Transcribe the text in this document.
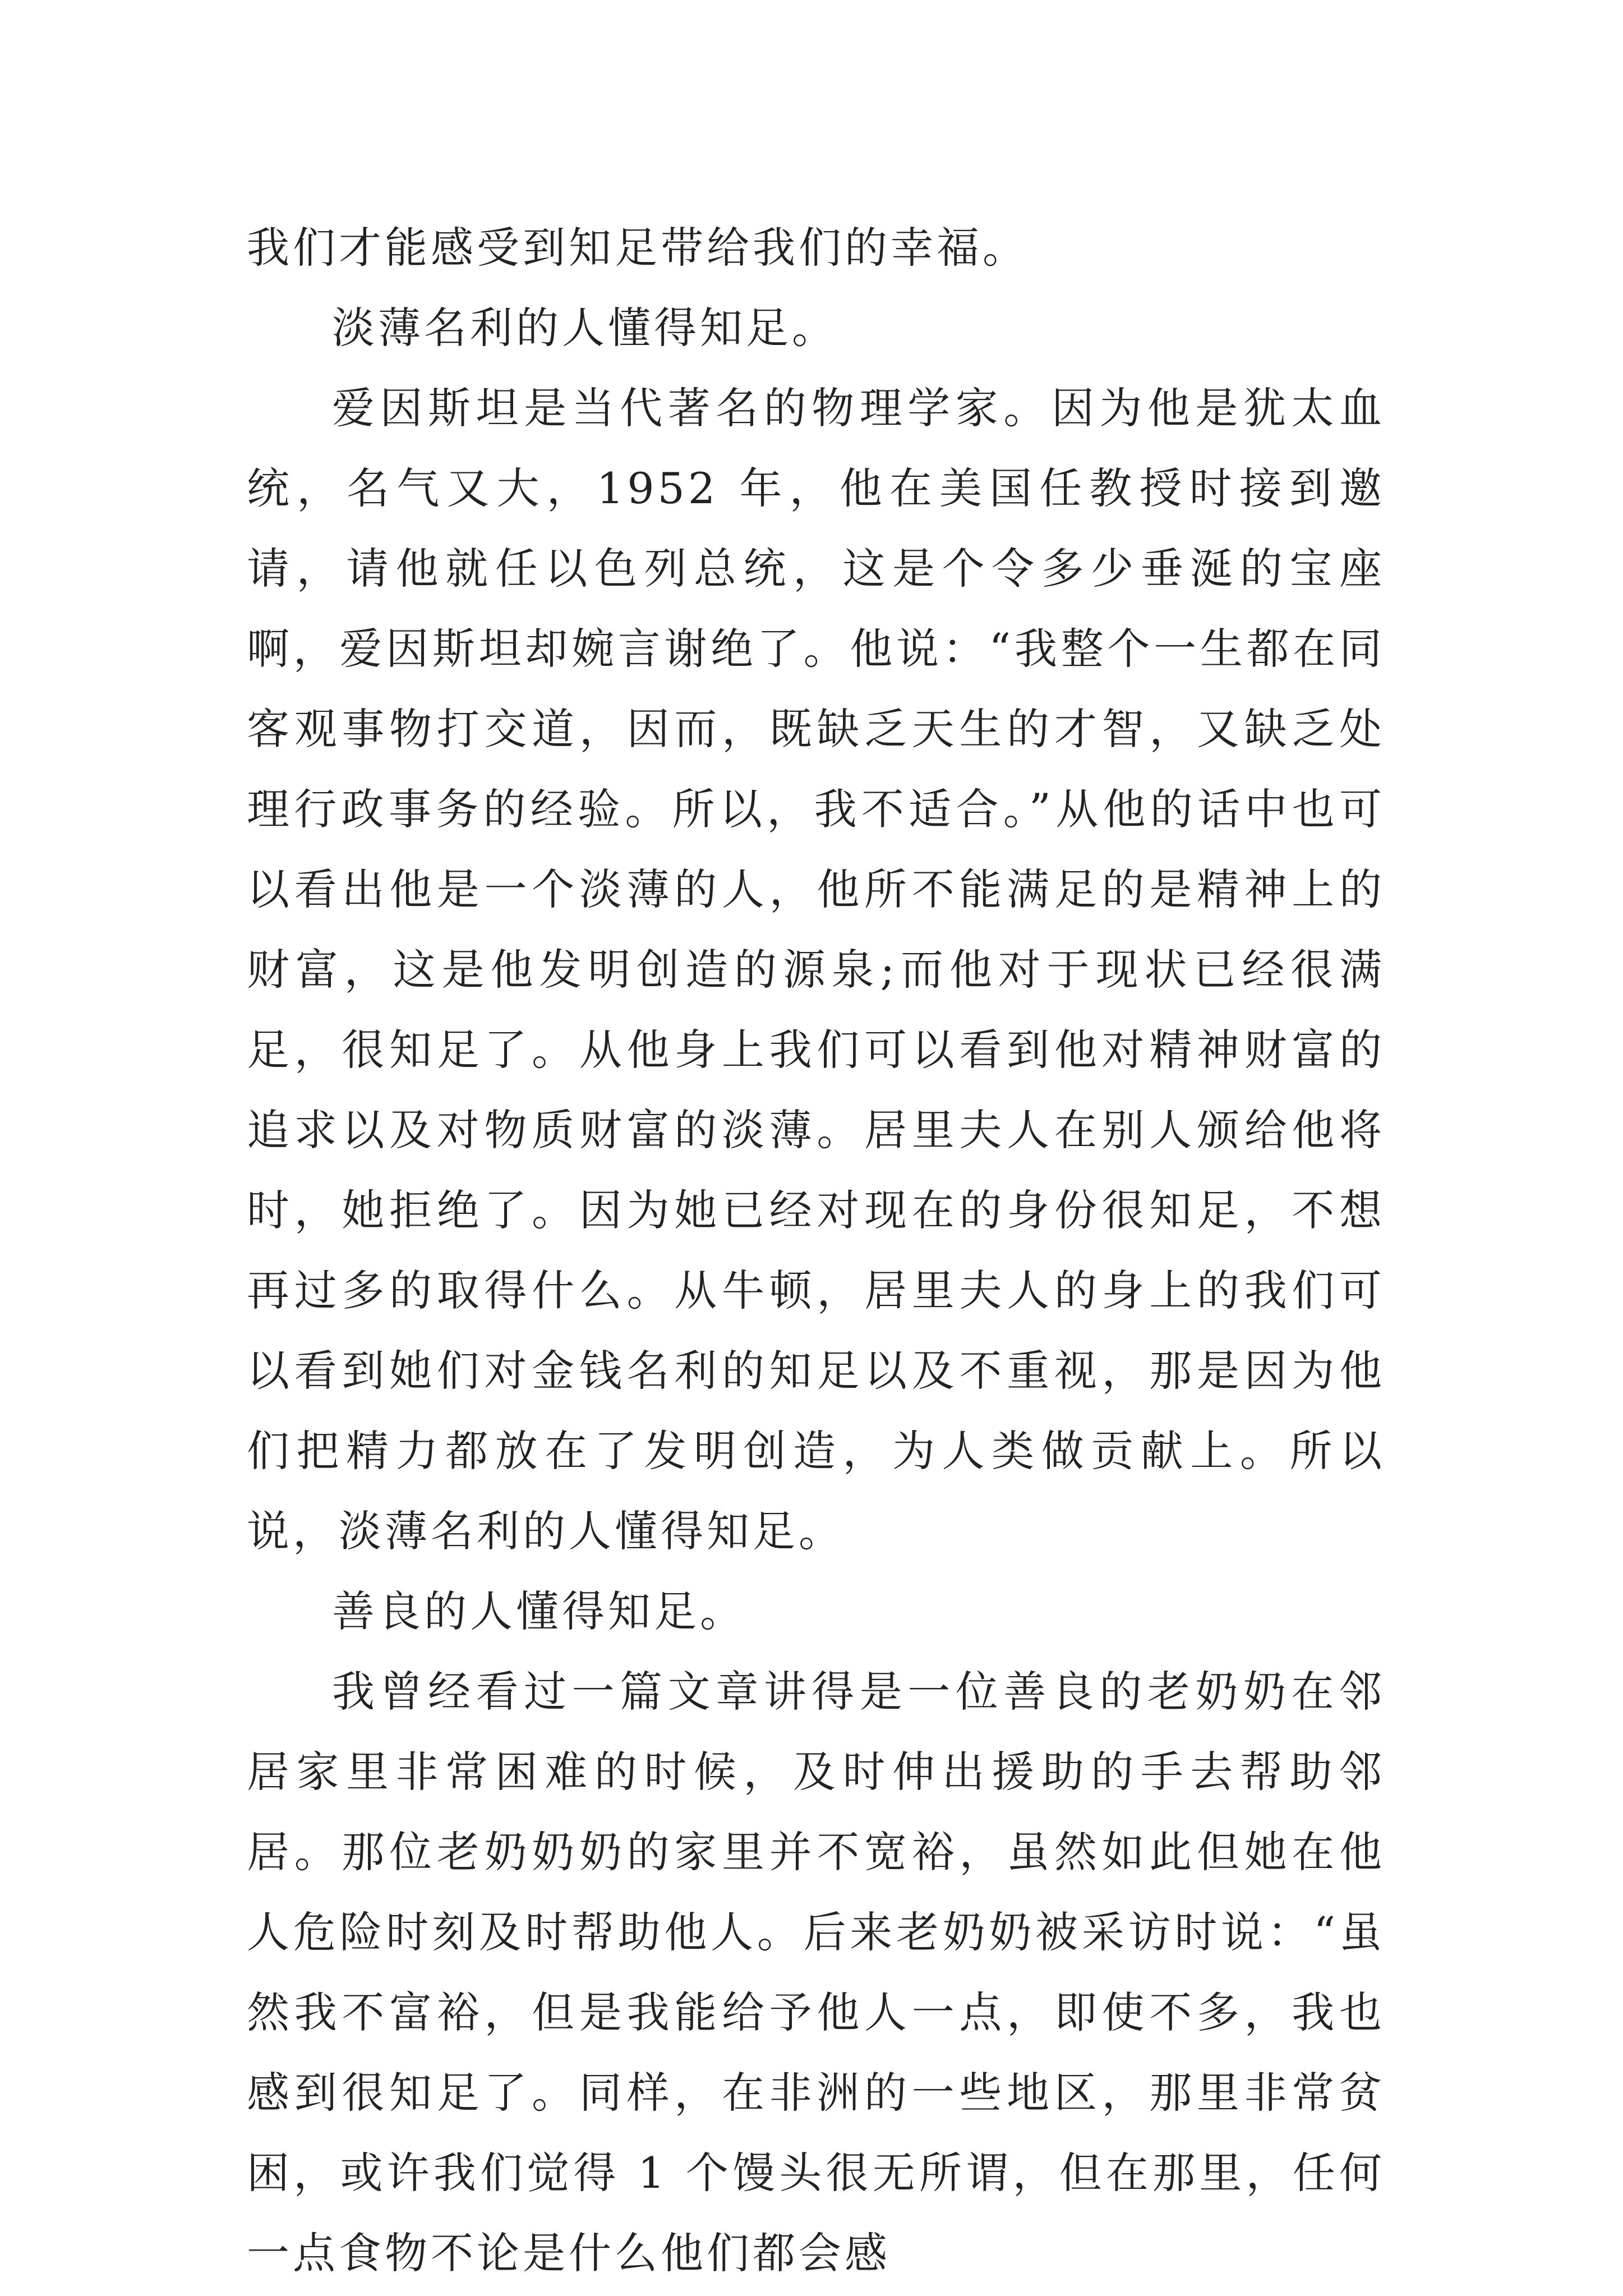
我们才能感受到知足带给我们的幸福。

淡薄名利的人懂得知足。

爱因斯坦是当代著名的物理学家。因为他是犹太血统，名气又大，1952 年，他在美国任教授时接到邀请，请他就任以色列总统，这是个令多少垂涎的宝座啊，爱因斯坦却婉言谢绝了。他说：“我整个一生都在同客观事物打交道，因而，既缺乏天生的才智，又缺乏处理行政事务的经验。所以，我不适合。”从他的话中也可以看出他是一个淡薄的人，他所不能满足的是精神上的财富，这是他发明创造的源泉;而他对于现状已经很满足，很知足了。从他身上我们可以看到他对精神财富的追求以及对物质财富的淡薄。居里夫人在别人颁给他将时，她拒绝了。因为她已经对现在的身份很知足，不想再过多的取得什么。从牛顿，居里夫人的身上的我们可以看到她们对金钱名利的知足以及不重视，那是因为他们把精力都放在了发明创造，为人类做贡献上。所以说，淡薄名利的人懂得知足。

善良的人懂得知足。

我曾经看过一篇文章讲得是一位善良的老奶奶在邻居家里非常困难的时候，及时伸出援助的手去帮助邻居。那位老奶奶奶的家里并不宽裕，虽然如此但她在他人危险时刻及时帮助他人。后来老奶奶被采访时说：“虽然我不富裕，但是我能给予他人一点，即使不多，我也感到很知足了。同样，在非洲的一些地区，那里非常贫困，或许我们觉得 1 个馒头很无所谓，但在那里，任何一点食物不论是什么他们都会感
